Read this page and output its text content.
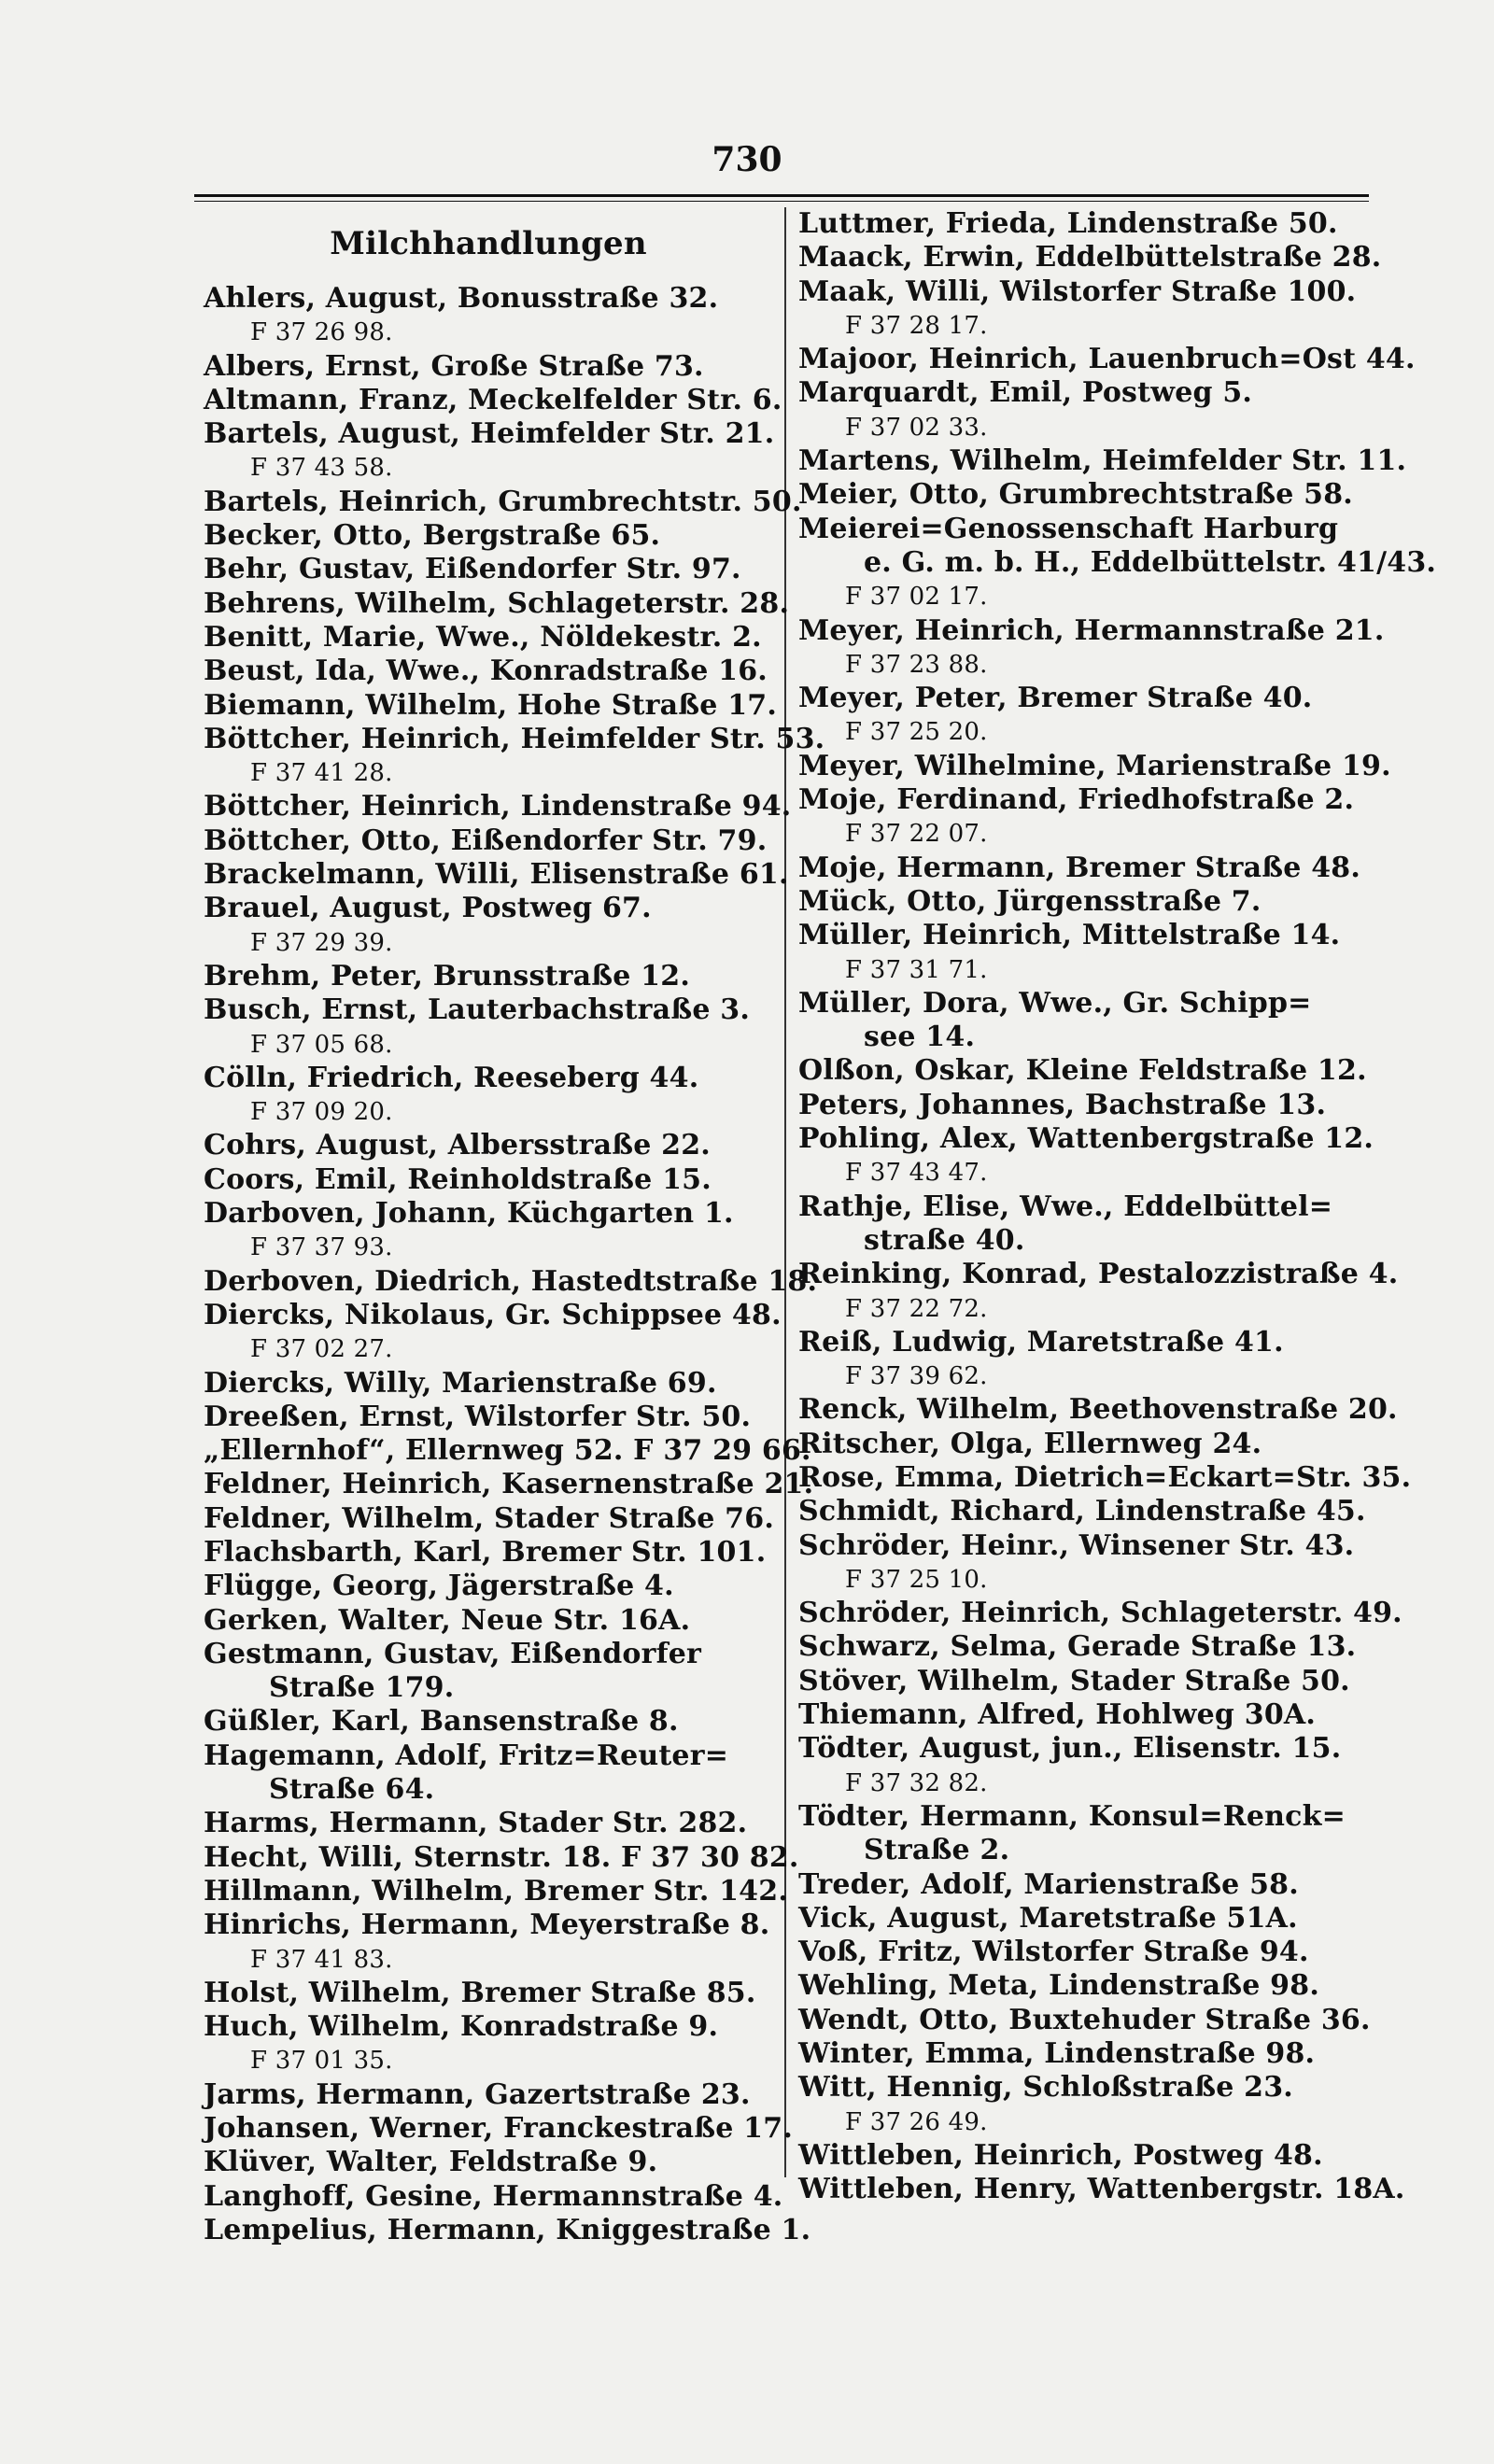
730
Milchhandlungen
Ahlers, August, Bonusstraße 32.
F 37 26 98.
Albers, Ernst, Große Straße 73.
Altmann, Franz, Meckelfelder Str. 6.
Bartels, August, Heimfelder Str. 21.
F 37 43 58.
Bartels, Heinrich, Grumbrechtstr. 50.
Becker, Otto, Bergstraße 65.
Behr, Gustav, Eißendorfer Str. 97.
Behrens, Wilhelm, Schlageterstr. 28.
Benitt, Marie, Wwe., Nöldekestr. 2.
Beust, Ida, Wwe., Konradstraße 16.
Biemann, Wilhelm, Hohe Straße 17.
Böttcher, Heinrich, Heimfelder Str. 53.
F 37 41 28.
Böttcher, Heinrich, Lindenstraße 94.
Böttcher, Otto, Eißendorfer Str. 79.
Brackelmann, Willi, Elisenstraße 61.
Brauel, August, Postweg 67.
F 37 29 39.
Brehm, Peter, Brunsstraße 12.
Busch, Ernst, Lauterbachstraße 3.
F 37 05 68.
Cölln, Friedrich, Reeseberg 44.
F 37 09 20.
Cohrs, August, Albersstraße 22.
Coors, Emil, Reinholdstraße 15.
Darboven, Johann, Küchgarten 1.
F 37 37 93.
Derboven, Diedrich, Hastedtstraße 18.
Diercks, Nikolaus, Gr. Schippsee 48.
F 37 02 27.
Diercks, Willy, Marienstraße 69.
Dreeßen, Ernst, Wilstorfer Str. 50.
„Ellernhof“, Ellernweg 52. F 37 29 66.
Feldner, Heinrich, Kasernenstraße 21.
Feldner, Wilhelm, Stader Straße 76.
Flachsbarth, Karl, Bremer Str. 101.
Flügge, Georg, Jägerstraße 4.
Gerken, Walter, Neue Str. 16A.
Gestmann, Gustav, Eißendorfer
Straße 179.
Güßler, Karl, Bansenstraße 8.
Hagemann, Adolf, Fritz=Reuter=
Straße 64.
Harms, Hermann, Stader Str. 282.
Hecht, Willi, Sternstr. 18. F 37 30 82.
Hillmann, Wilhelm, Bremer Str. 142.
Hinrichs, Hermann, Meyerstraße 8.
F 37 41 83.
Holst, Wilhelm, Bremer Straße 85.
Huch, Wilhelm, Konradstraße 9.
F 37 01 35.
Jarms, Hermann, Gazertstraße 23.
Johansen, Werner, Franckestraße 17.
Klüver, Walter, Feldstraße 9.
Langhoff, Gesine, Hermannstraße 4.
Lempelius, Hermann, Kniggestraße 1.
Luttmer, Frieda, Lindenstraße 50.
Maack, Erwin, Eddelbüttelstraße 28.
Maak, Willi, Wilstorfer Straße 100.
F 37 28 17.
Majoor, Heinrich, Lauenbruch=Ost 44.
Marquardt, Emil, Postweg 5.
F 37 02 33.
Martens, Wilhelm, Heimfelder Str. 11.
Meier, Otto, Grumbrechtstraße 58.
Meierei=Genossenschaft Harburg
e. G. m. b. H., Eddelbüttelstr. 41/43.
F 37 02 17.
Meyer, Heinrich, Hermannstraße 21.
F 37 23 88.
Meyer, Peter, Bremer Straße 40.
F 37 25 20.
Meyer, Wilhelmine, Marienstraße 19.
Moje, Ferdinand, Friedhofstraße 2.
F 37 22 07.
Moje, Hermann, Bremer Straße 48.
Mück, Otto, Jürgensstraße 7.
Müller, Heinrich, Mittelstraße 14.
F 37 31 71.
Müller, Dora, Wwe., Gr. Schipp=
see 14.
Olßon, Oskar, Kleine Feldstraße 12.
Peters, Johannes, Bachstraße 13.
Pohling, Alex, Wattenbergstraße 12.
F 37 43 47.
Rathje, Elise, Wwe., Eddelbüttel=
straße 40.
Reinking, Konrad, Pestalozzistraße 4.
F 37 22 72.
Reiß, Ludwig, Maretstraße 41.
F 37 39 62.
Renck, Wilhelm, Beethovenstraße 20.
Ritscher, Olga, Ellernweg 24.
Rose, Emma, Dietrich=Eckart=Str. 35.
Schmidt, Richard, Lindenstraße 45.
Schröder, Heinr., Winsener Str. 43.
F 37 25 10.
Schröder, Heinrich, Schlageterstr. 49.
Schwarz, Selma, Gerade Straße 13.
Stöver, Wilhelm, Stader Straße 50.
Thiemann, Alfred, Hohlweg 30A.
Tödter, August, jun., Elisenstr. 15.
F 37 32 82.
Tödter, Hermann, Konsul=Renck=
Straße 2.
Treder, Adolf, Marienstraße 58.
Vick, August, Maretstraße 51A.
Voß, Fritz, Wilstorfer Straße 94.
Wehling, Meta, Lindenstraße 98.
Wendt, Otto, Buxtehuder Straße 36.
Winter, Emma, Lindenstraße 98.
Witt, Hennig, Schloßstraße 23.
F 37 26 49.
Wittleben, Heinrich, Postweg 48.
Wittleben, Henry, Wattenbergstr. 18A.
